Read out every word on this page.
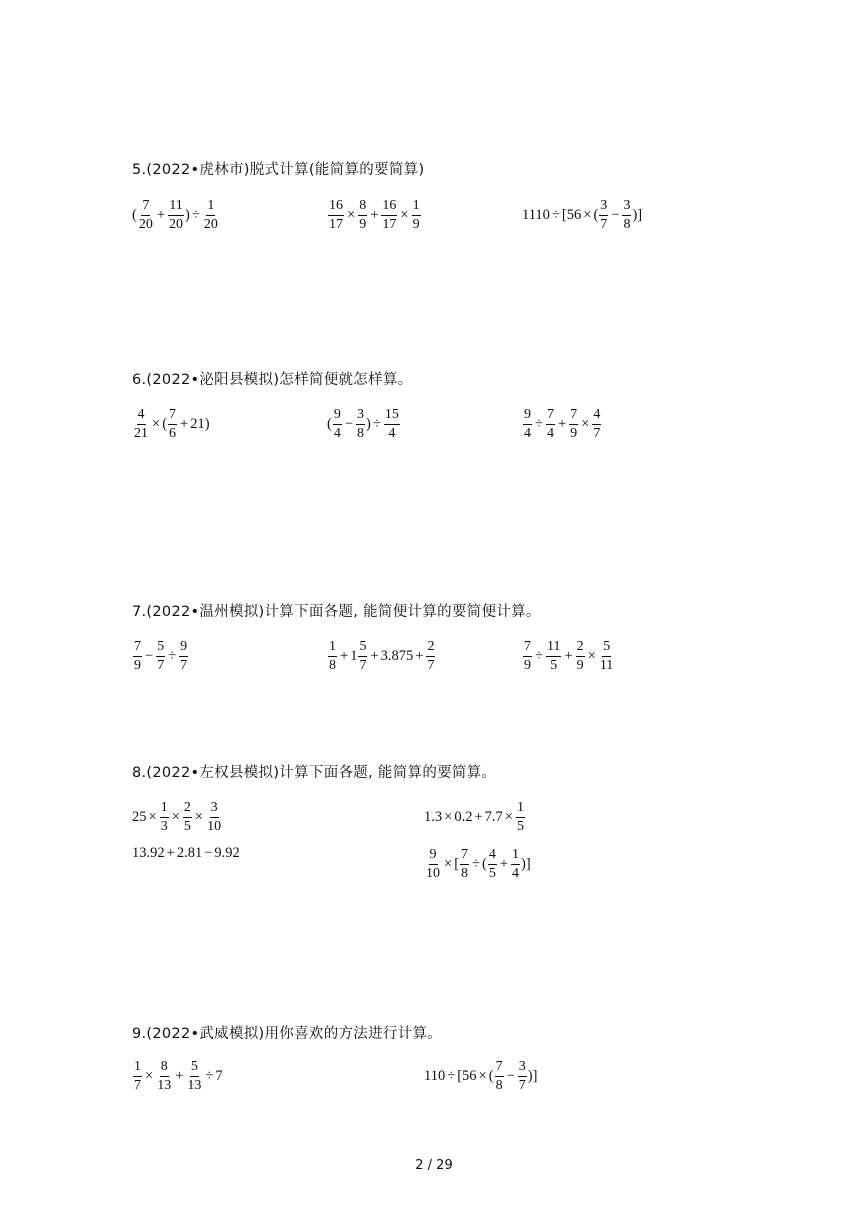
5.(2022•虎林市)脱式计算(能简算的要简算)
( $\frac{7}{20} + \frac{11}{20}$ ) ÷ $\frac{1}{20}$	$\frac{16}{17} \times \frac{8}{9} + \frac{16}{17} \times \frac{1}{9}$	1110 ÷ [ 56 × ( $\frac{3}{7} - \frac{3}{8}$ )]
6.(2022•泌阳县模拟)怎样简便就怎样算。
$\frac{4}{21}$ × ( $\frac{7}{6} + 21$ )	( $\frac{9}{4} - \frac{3}{8}$ ) ÷ $\frac{15}{4}$	$\frac{9}{4} \div \frac{7}{4} + \frac{7}{9} \times \frac{4}{7}$
7.(2022•温州模拟)计算下面各题, 能简便计算的要简便计算。
$\frac{7}{9} - \frac{5}{7} \div \frac{9}{7}$	$\frac{1}{8} + 1 \frac{5}{7} + 3.875 + \frac{2}{7}$	$\frac{7}{9} \div \frac{11}{5} + \frac{2}{9} \times \frac{5}{11}$
8.(2022•左权县模拟)计算下面各题, 能简算的要简算。
$25 \times \frac{1}{3} \times \frac{2}{5} \times \frac{3}{10}$	$1.3 \times 0.2 + 7.7 \times \frac{1}{5}$
13.92 + 2.81 − 9.92	$\frac{9}{10}$ × [ $\frac{7}{8}$ ÷ ( $\frac{4}{5} + \frac{1}{4}$ )]
9.(2022•武威模拟)用你喜欢的方法进行计算。
$\frac{1}{7} \times \frac{8}{13} + \frac{5}{13} \div 7$	110 ÷ [ 56 × ( $\frac{7}{8} - \frac{3}{7}$ )]
2 / 29
